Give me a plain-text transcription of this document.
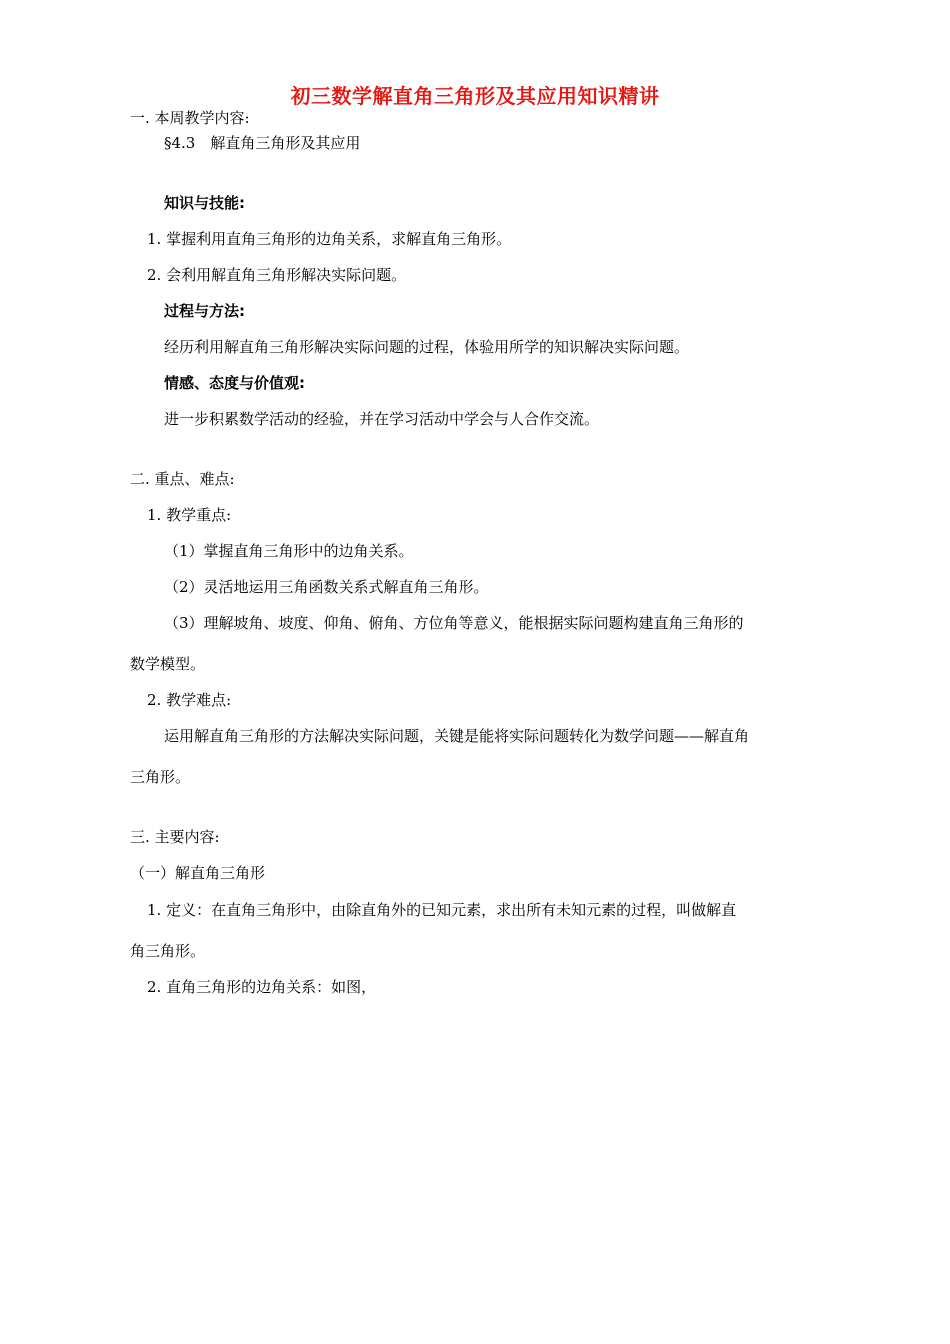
初三数学解直角三角形及其应用知识精讲
一. 本周教学内容:
§4.3　解直角三角形及其应用
知识与技能:
1. 掌握利用直角三角形的边角关系，求解直角三角形。
2. 会利用解直角三角形解决实际问题。
过程与方法:
经历利用解直角三角形解决实际问题的过程，体验用所学的知识解决实际问题。
情感、态度与价值观:
进一步积累数学活动的经验，并在学习活动中学会与人合作交流。
二. 重点、难点:
1. 教学重点:
（1）掌握直角三角形中的边角关系。
（2）灵活地运用三角函数关系式解直角三角形。
（3）理解坡角、坡度、仰角、俯角、方位角等意义，能根据实际问题构建直角三角形的
数学模型。
2. 教学难点:
运用解直角三角形的方法解决实际问题，关键是能将实际问题转化为数学问题——解直角
三角形。
三. 主要内容:
（一）解直角三角形
1. 定义：在直角三角形中，由除直角外的已知元素，求出所有未知元素的过程，叫做解直
角三角形。
2. 直角三角形的边角关系：如图，
